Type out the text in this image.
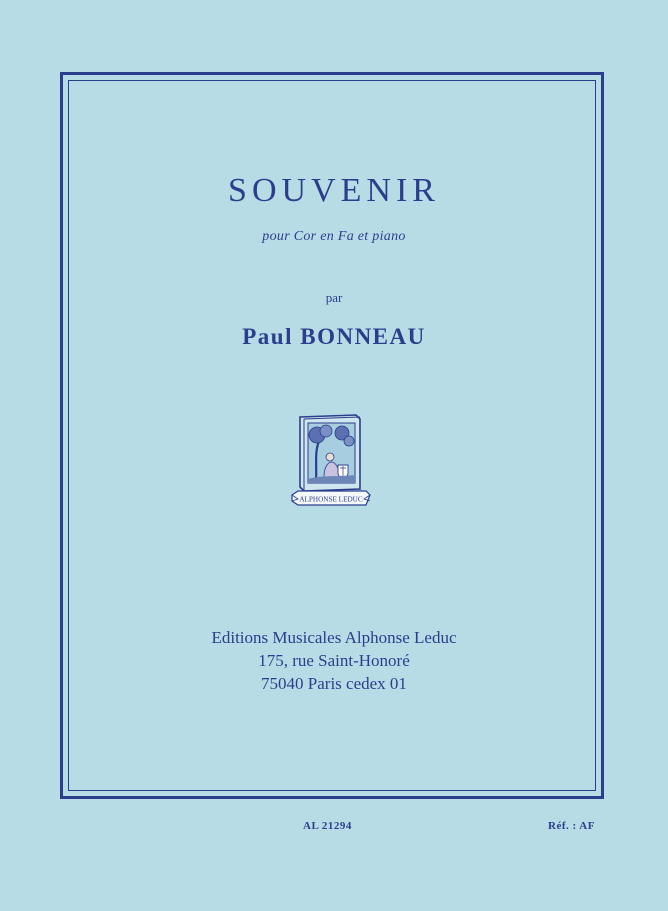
SOUVENIR
pour Cor en Fa et piano
par
Paul BONNEAU
ALPHONSE LEDUC
Editions Musicales Alphonse Leduc
175, rue Saint-Honoré
75040 Paris cedex 01
AL 21294	Réf. : AF
